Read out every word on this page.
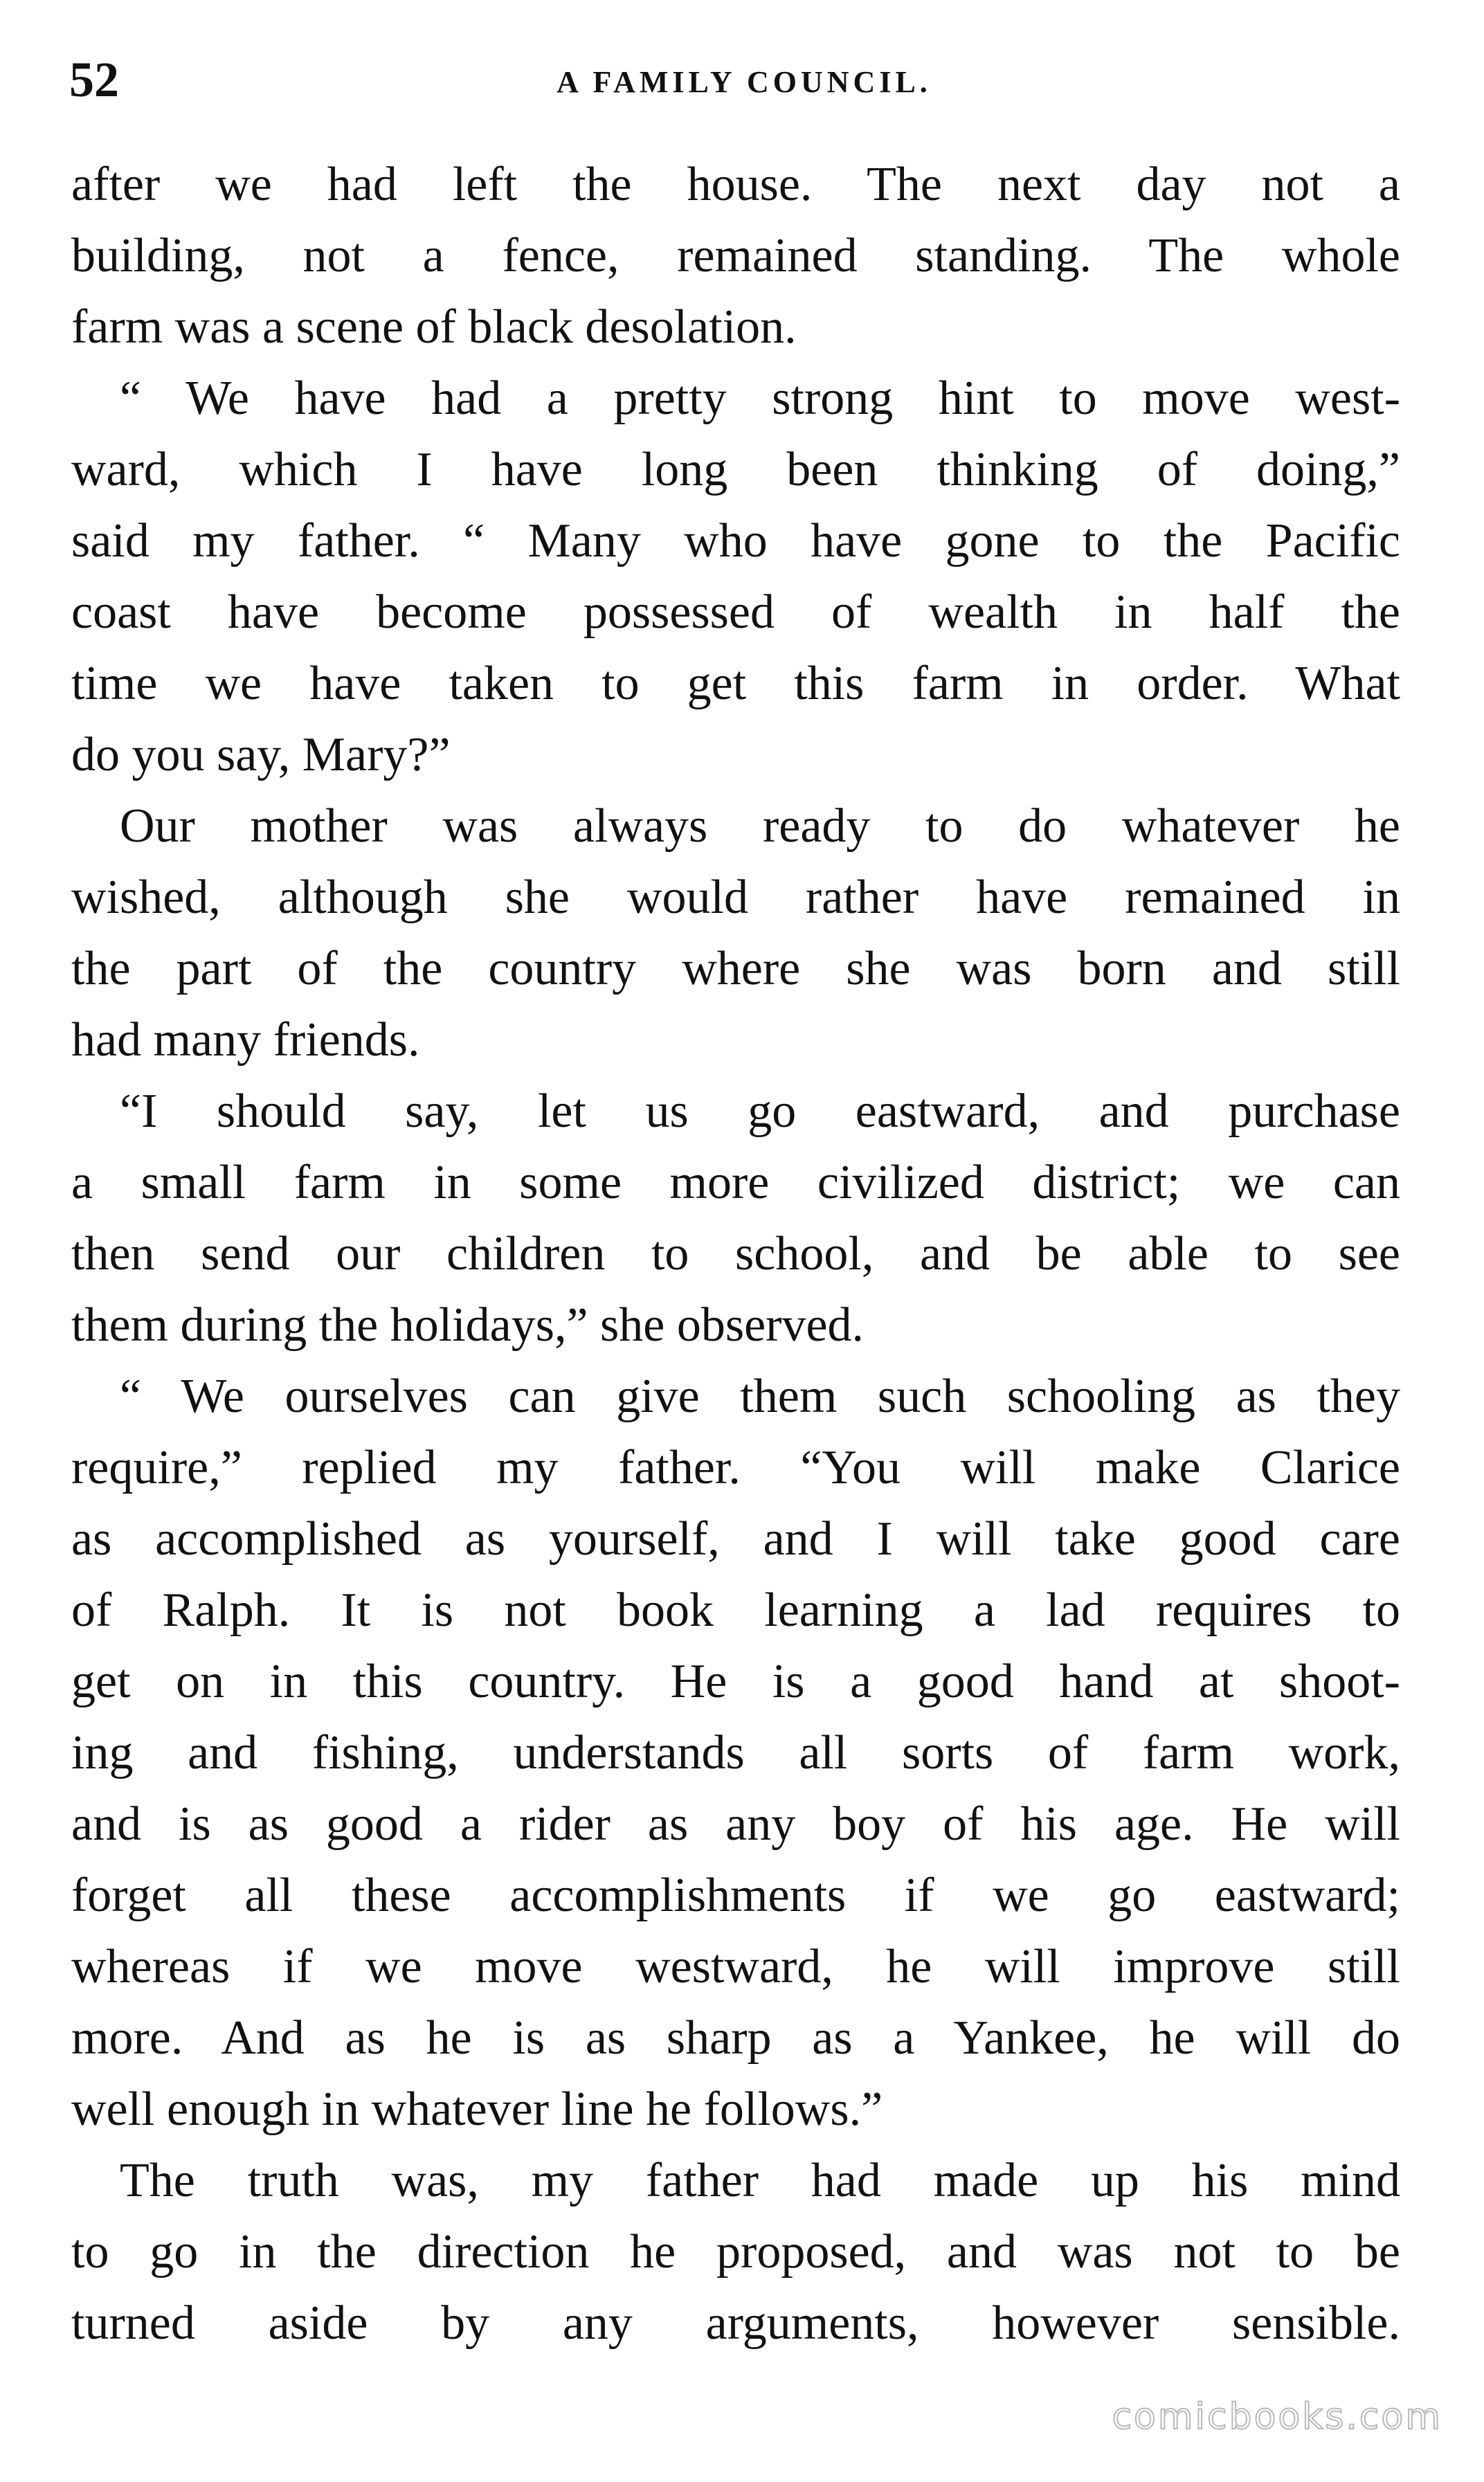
52	A FAMILY COUNCIL.
after we had left the house. The next day not a
building, not a fence, remained standing. The whole
farm was a scene of black desolation.
“ We have had a pretty strong hint to move west-
ward, which I have long been thinking of doing,”
said my father. “ Many who have gone to the Pacific
coast have become possessed of wealth in half the
time we have taken to get this farm in order. What
do you say, Mary?”
Our mother was always ready to do whatever he
wished, although she would rather have remained in
the part of the country where she was born and still
had many friends.
“I should say, let us go eastward, and purchase
a small farm in some more civilized district; we can
then send our children to school, and be able to see
them during the holidays,” she observed.
“ We ourselves can give them such schooling as they
require,” replied my father. “You will make Clarice
as accomplished as yourself, and I will take good care
of Ralph. It is not book learning a lad requires to
get on in this country. He is a good hand at shoot-
ing and fishing, understands all sorts of farm work,
and is as good a rider as any boy of his age. He will
forget all these accomplishments if we go eastward;
whereas if we move westward, he will improve still
more. And as he is as sharp as a Yankee, he will do
well enough in whatever line he follows.”
The truth was, my father had made up his mind
to go in the direction he proposed, and was not to be
turned aside by any arguments, however sensible.
comicbooks.com
